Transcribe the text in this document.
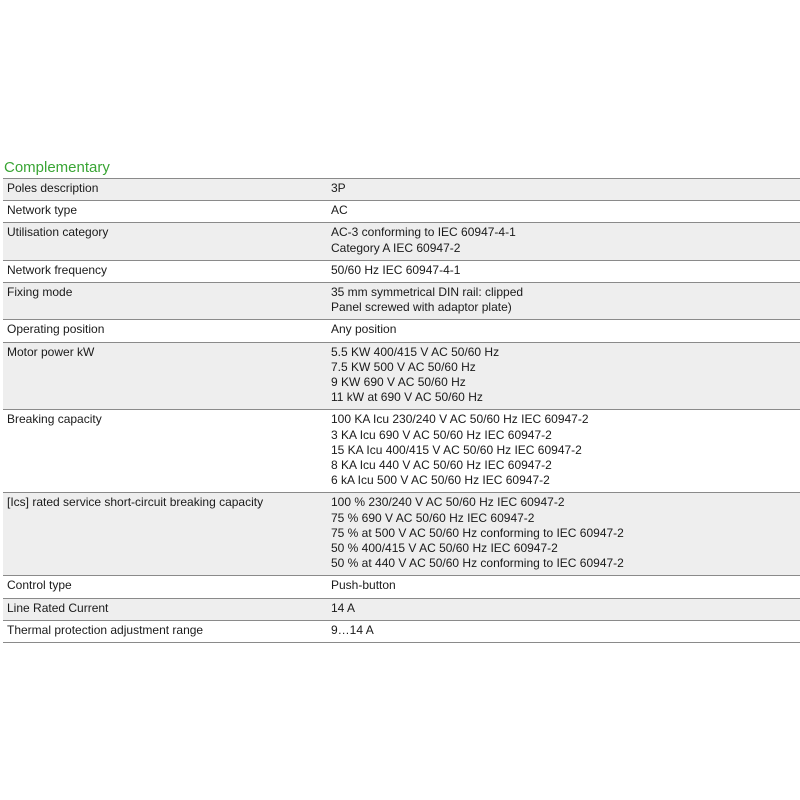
Complementary
Poles description	3P

Network type	AC

Utilisation category	AC-3 conforming to IEC 60947-4-1
Category A IEC 60947-2

Network frequency	50/60 Hz IEC 60947-4-1

Fixing mode	35 mm symmetrical DIN rail: clipped
Panel screwed with adaptor plate)

Operating position	Any position

Motor power kW	5.5 KW 400/415 V AC 50/60 Hz
7.5 KW 500 V AC 50/60 Hz
9 KW 690 V AC 50/60 Hz
11 kW at 690 V AC 50/60 Hz

Breaking capacity	100 KA Icu 230/240 V AC 50/60 Hz IEC 60947-2
3 KA Icu 690 V AC 50/60 Hz IEC 60947-2
15 KA Icu 400/415 V AC 50/60 Hz IEC 60947-2
8 KA Icu 440 V AC 50/60 Hz IEC 60947-2
6 kA Icu 500 V AC 50/60 Hz IEC 60947-2

[Ics] rated service short-circuit breaking capacity	100 % 230/240 V AC 50/60 Hz IEC 60947-2
75 % 690 V AC 50/60 Hz IEC 60947-2
75 % at 500 V AC 50/60 Hz conforming to IEC 60947-2
50 % 400/415 V AC 50/60 Hz IEC 60947-2
50 % at 440 V AC 50/60 Hz conforming to IEC 60947-2

Control type	Push-button

Line Rated Current	14 A

Thermal protection adjustment range	9…14 A
